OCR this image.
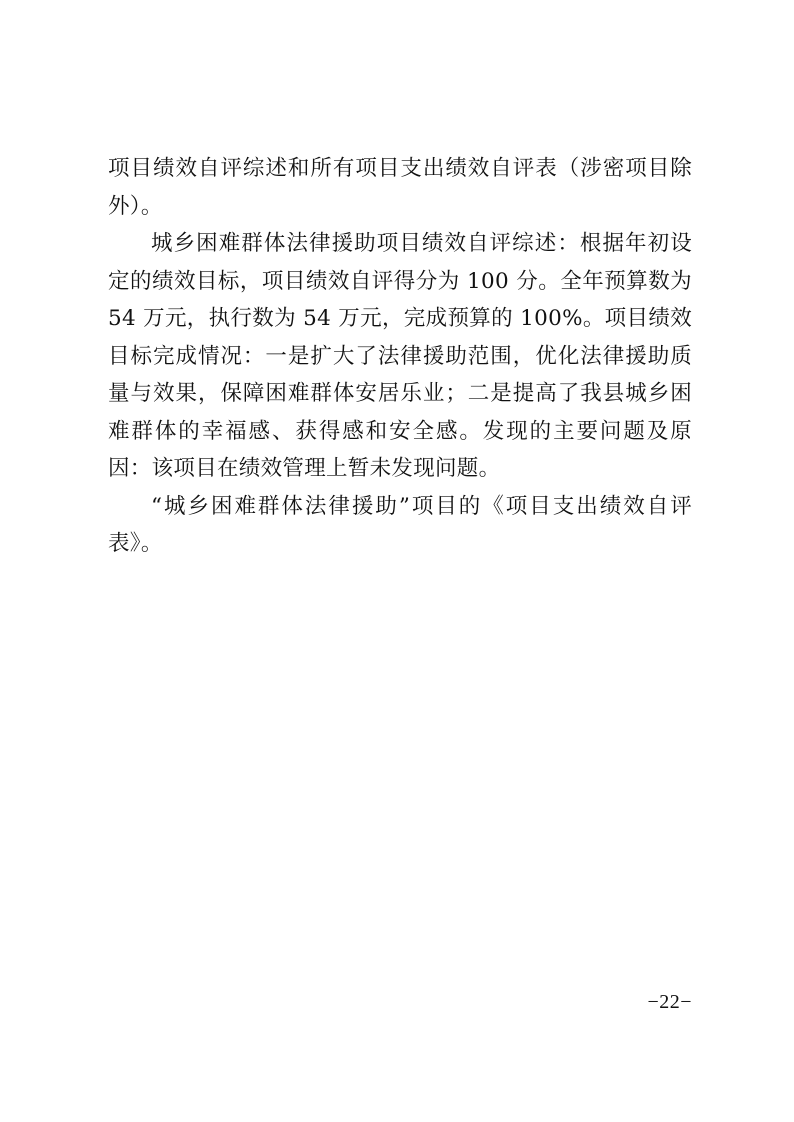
项目绩效自评综述和所有项目支出绩效自评表（涉密项目除外）。

城乡困难群体法律援助项目绩效自评综述：根据年初设定的绩效目标，项目绩效自评得分为 100 分。全年预算数为 54 万元，执行数为 54 万元，完成预算的 100%。项目绩效目标完成情况：一是扩大了法律援助范围，优化法律援助质量与效果，保障困难群体安居乐业；二是提高了我县城乡困难群体的幸福感、获得感和安全感。发现的主要问题及原因：该项目在绩效管理上暂未发现问题。

“城乡困难群体法律援助”项目的《项目支出绩效自评表》。

−22−
